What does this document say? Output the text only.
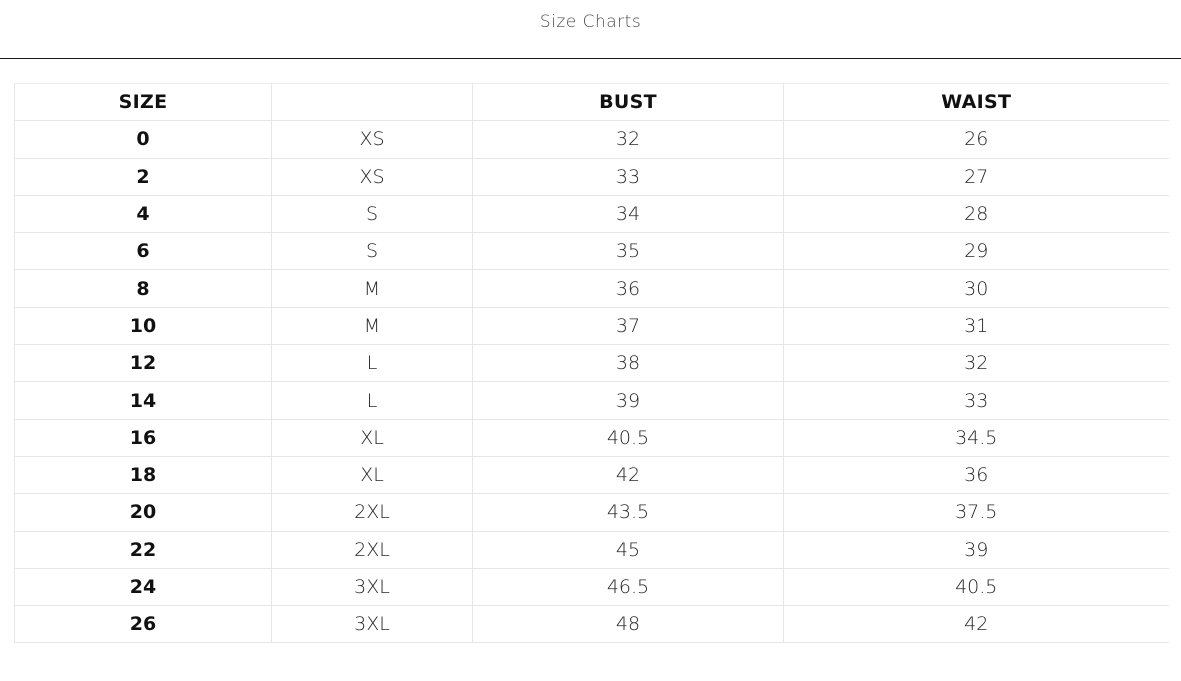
Size Charts
SIZE		BUST	WAIST
0	XS	32	26
2	XS	33	27
4	S	34	28
6	S	35	29
8	M	36	30
10	M	37	31
12	L	38	32
14	L	39	33
16	XL	40.5	34.5
18	XL	42	36
20	2XL	43.5	37.5
22	2XL	45	39
24	3XL	46.5	40.5
26	3XL	48	42
